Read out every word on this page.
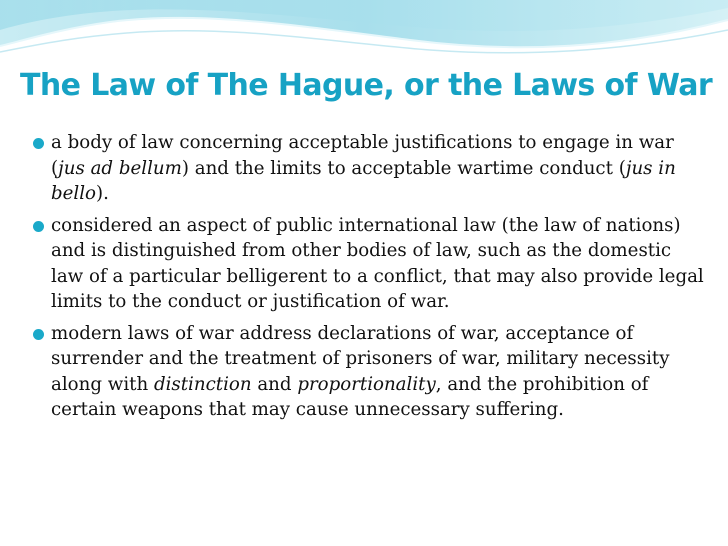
The Law of The Hague, or the Laws of War
a body of law concerning acceptable justifications to engage in war (jus ad bellum) and the limits to acceptable wartime conduct (jus in bello).
considered an aspect of public international law (the law of nations) and is distinguished from other bodies of law, such as the domestic law of a particular belligerent to a conflict, that may also provide legal limits to the conduct or justification of war.
modern laws of war address declarations of war, acceptance of surrender and the treatment of prisoners of war, military necessity along with distinction and proportionality, and the prohibition of certain weapons that may cause unnecessary suffering.
